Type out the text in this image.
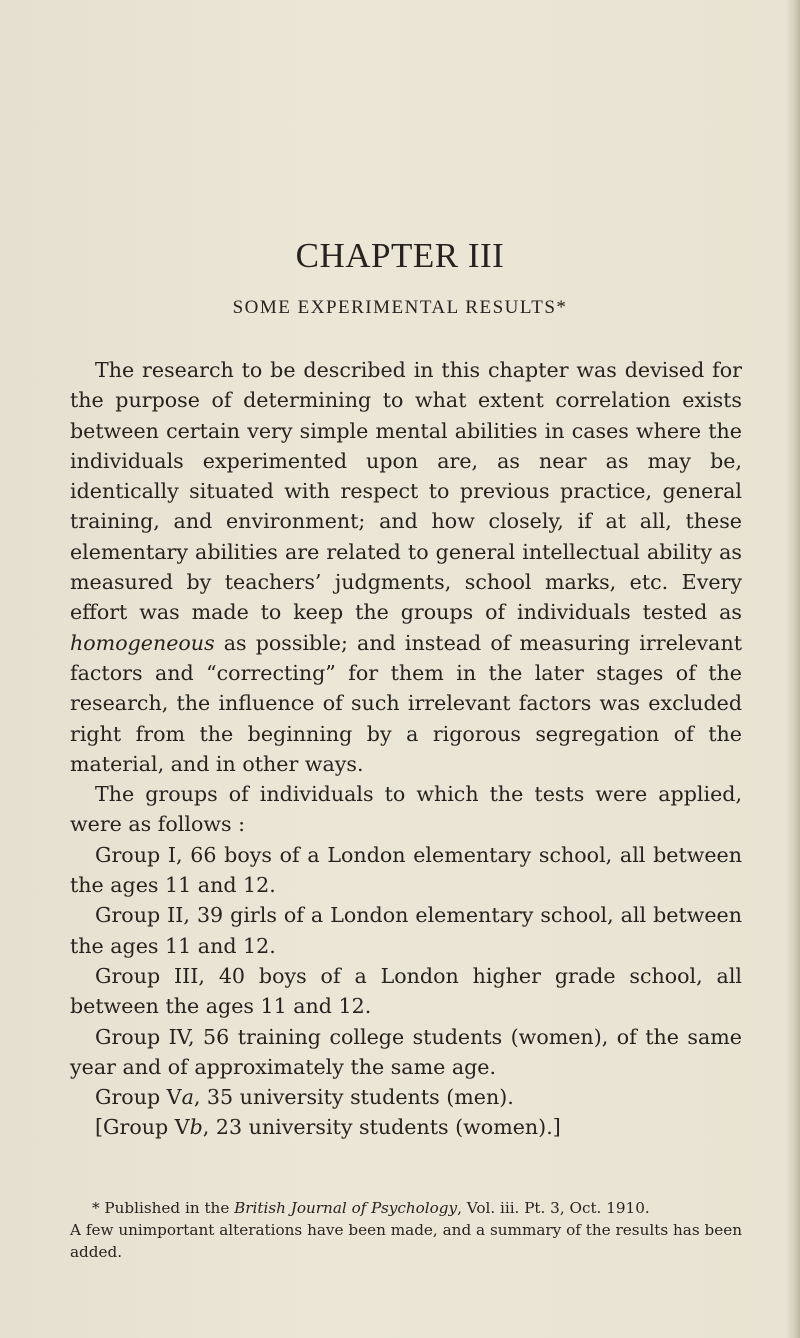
CHAPTER III
SOME EXPERIMENTAL RESULTS*

The research to be described in this chapter was devised for the purpose of determining to what extent correlation exists between certain very simple mental abilities in cases where the individuals experimented upon are, as near as may be, identically situated with respect to previous practice, general training, and environment; and how closely, if at all, these elementary abilities are related to general intellectual ability as measured by teachers’ judgments, school marks, etc. Every effort was made to keep the groups of individuals tested as homogeneous as possible; and instead of measuring irrelevant factors and “correcting” for them in the later stages of the research, the influence of such irrelevant factors was excluded right from the beginning by a rigorous segregation of the material, and in other ways.

The groups of individuals to which the tests were applied, were as follows :

Group I, 66 boys of a London elementary school, all between the ages 11 and 12.

Group II, 39 girls of a London elementary school, all between the ages 11 and 12.

Group III, 40 boys of a London higher grade school, all between the ages 11 and 12.

Group IV, 56 training college students (women), of the same year and of approximately the same age.

Group Va, 35 university students (men).

[Group Vb, 23 university students (women).]

* Published in the British Journal of Psychology, Vol. iii. Pt. 3, Oct. 1910.

A few unimportant alterations have been made, and a summary of the results has been added.
